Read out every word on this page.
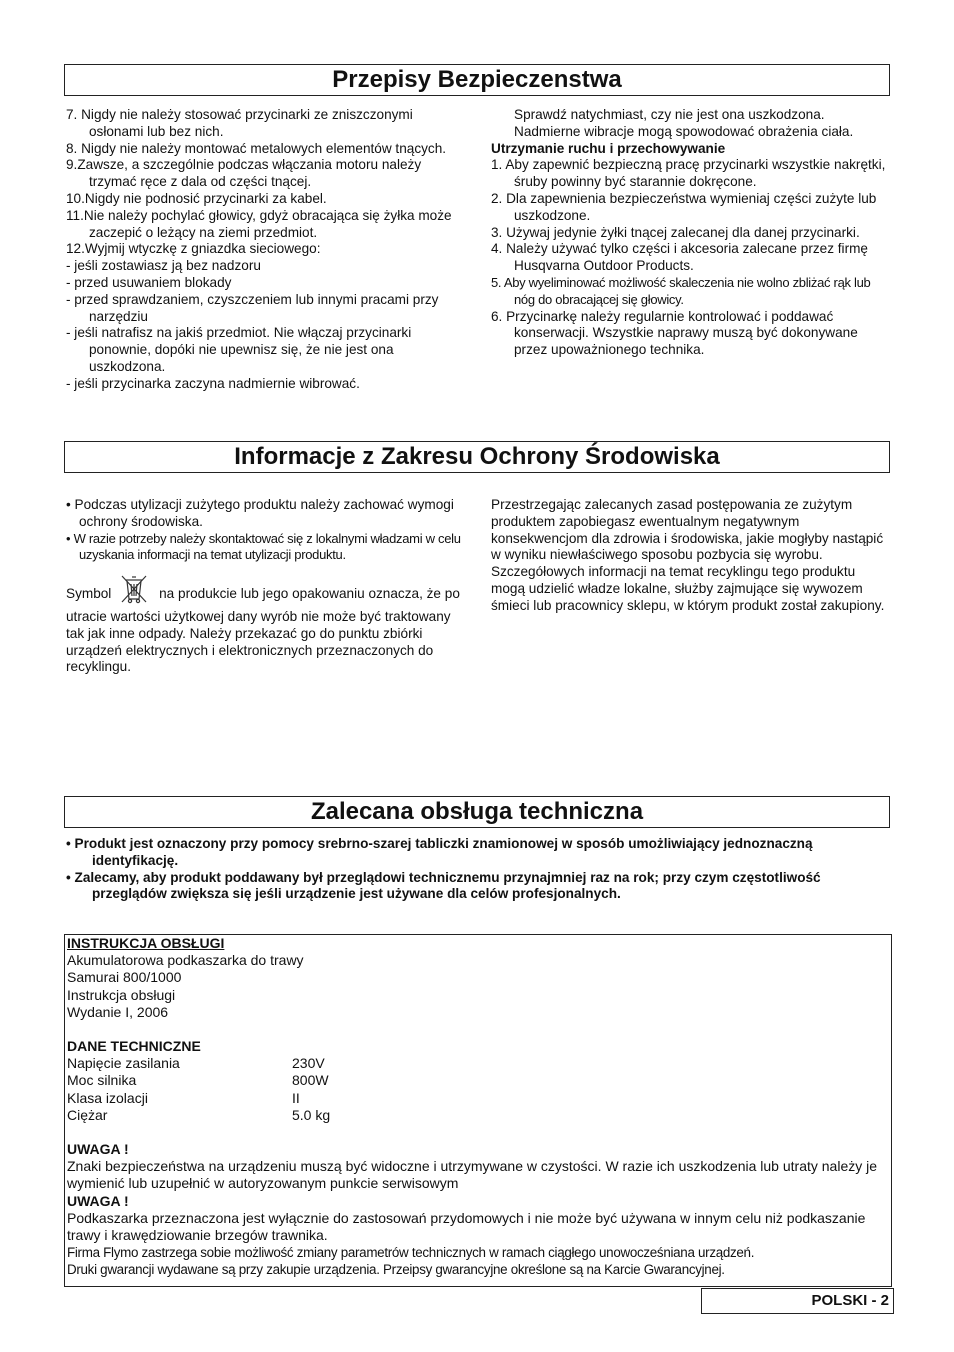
Przepisy Bezpieczenstwa

7. Nigdy nie należy stosować przycinarki ze zniszczonymi osłonami lub bez nich.

8. Nigdy nie należy montować metalowych elementów tnących.

9.Zawsze, a szczególnie podczas włączania motoru należy trzymać ręce z dala od części tnącej.

10.Nigdy nie podnosić przycinarki za kabel.

11.Nie należy pochylać głowicy, gdyż obracająca się żyłka może zaczepić o leżący na ziemi przedmiot.

12.Wyjmij wtyczkę z gniazdka sieciowego:

- jeśli zostawiasz ją bez nadzoru

- przed usuwaniem blokady

- przed sprawdzaniem, czyszczeniem lub innymi pracami przy narzędziu

- jeśli natrafisz na jakiś przedmiot. Nie włączaj przycinarki ponownie, dopóki nie upewnisz się, że nie jest ona uszkodzona.

- jeśli przycinarka zaczyna nadmiernie wibrować.

Sprawdź natychmiast, czy nie jest ona uszkodzona. Nadmierne wibracje mogą spowodować obrażenia ciała.

Utrzymanie ruchu i przechowywanie

1. Aby zapewnić bezpieczną pracę przycinarki wszystkie nakrętki, śruby powinny być starannie dokręcone.

2. Dla zapewnienia bezpieczeństwa wymieniaj części zużyte lub uszkodzone.

3. Używaj jedynie żyłki tnącej zalecanej dla danej przycinarki.

4. Należy używać tylko części i akcesoria zalecane przez firmę Husqvarna Outdoor Products.

5. Aby wyeliminować możliwość skaleczenia nie wolno zbliżać rąk lub nóg do obracającej się głowicy.

6. Przycinarkę należy regularnie kontrolować i poddawać konserwacji. Wszystkie naprawy muszą być dokonywane przez upoważnionego technika.

Informacje z Zakresu Ochrony Środowiska

• Podczas utylizacji zużytego produktu należy zachować wymogi ochrony środowiska.

• W razie potrzeby należy skontaktować się z lokalnymi władzami w celu uzyskania informacji na temat utylizacji produktu.

Symbol	na produkcie lub jego opakowaniu oznacza, że po utracie wartości użytkowej dany wyrób nie może być traktowany tak jak inne odpady. Należy przekazać go do punktu zbiórki urządzeń elektrycznych i elektronicznych przeznaczonych do recyklingu.

Przestrzegając zalecanych zasad postępowania ze zużytym produktem zapobiegasz ewentualnym negatywnym konsekwencjom dla zdrowia i środowiska, jakie mogłyby nastąpić w wyniku niewłaściwego sposobu pozbycia się wyrobu. Szczegółowych informacji na temat recyklingu tego produktu mogą udzielić władze lokalne, służby zajmujące się wywozem śmieci lub pracownicy sklepu, w którym produkt został zakupiony.

Zalecana obsługa techniczna

• Produkt jest oznaczony przy pomocy srebrno-szarej tabliczki znamionowej w sposób umożliwiający jednoznaczną identyfikację.

• Zalecamy, aby produkt poddawany był przeglądowi technicznemu przynajmniej raz na rok; przy czym częstotliwość przeglądów zwiększa się jeśli urządzenie jest używane dla celów profesjonalnych.

INSTRUKCJA OBSŁUGI

Akumulatorowa podkaszarka do trawy

Samurai 800/1000

Instrukcja obsługi

Wydanie I, 2006

DANE TECHNICZNE

Napięcie zasilania	230V

Moc silnika	800W

Klasa izolacji	II

Ciężar	5.0 kg

UWAGA !

Znaki bezpieczeństwa na urządzeniu muszą być widoczne i utrzymywane w czystości. W razie ich uszkodzenia lub utraty należy je wymienić lub uzupełnić w autoryzowanym punkcie serwisowym

UWAGA !

Podkaszarka przeznaczona jest wyłącznie do zastosowań przydomowych i nie może być używana w innym celu niż podkaszanie trawy i krawędziowanie brzegów trawnika.

Firma Flymo zastrzega sobie możliwość zmiany parametrów technicznych w ramach ciągłego unowocześniana urządzeń.

Druki gwarancji wydawane są przy zakupie urządzenia. Przeipsy gwarancyjne określone są na Karcie Gwarancyjnej.

POLSKI - 2
